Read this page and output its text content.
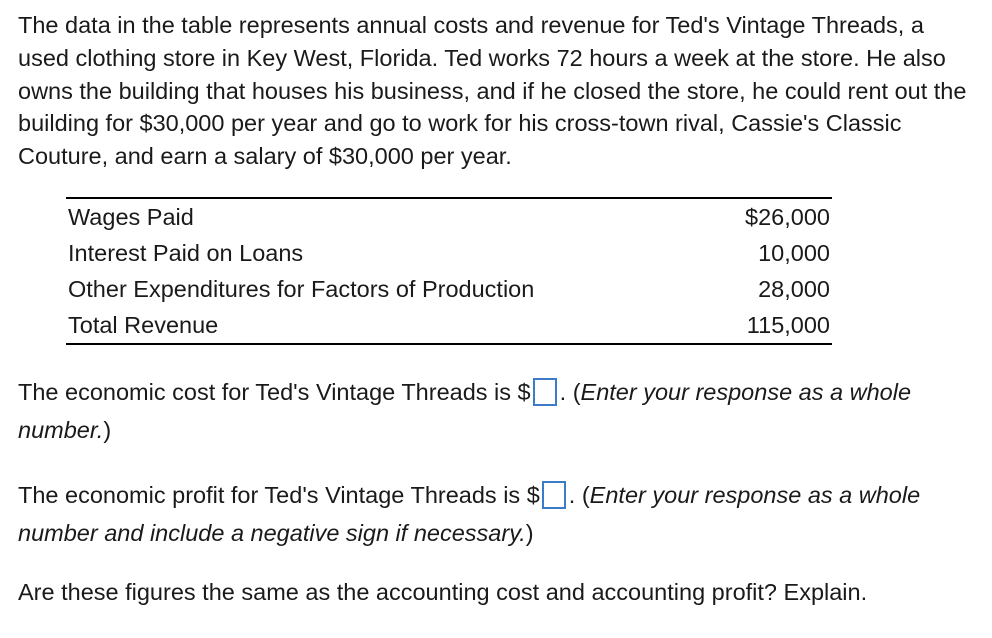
The data in the table represents annual costs and revenue for Ted's Vintage Threads, a used clothing store in Key West, Florida. Ted works 72 hours a week at the store. He also owns the building that houses his business, and if he closed the store, he could rent out the building for $30,000 per year and go to work for his cross-town rival, Cassie's Classic Couture, and earn a salary of $30,000 per year.

Wages Paid	$26,000
Interest Paid on Loans	10,000
Other Expenditures for Factors of Production	28,000
Total Revenue	115,000

The economic cost for Ted's Vintage Threads is $ . (Enter your response as a whole number.)

The economic profit for Ted's Vintage Threads is $ . (Enter your response as a whole number and include a negative sign if necessary.)

Are these figures the same as the accounting cost and accounting profit? Explain.
